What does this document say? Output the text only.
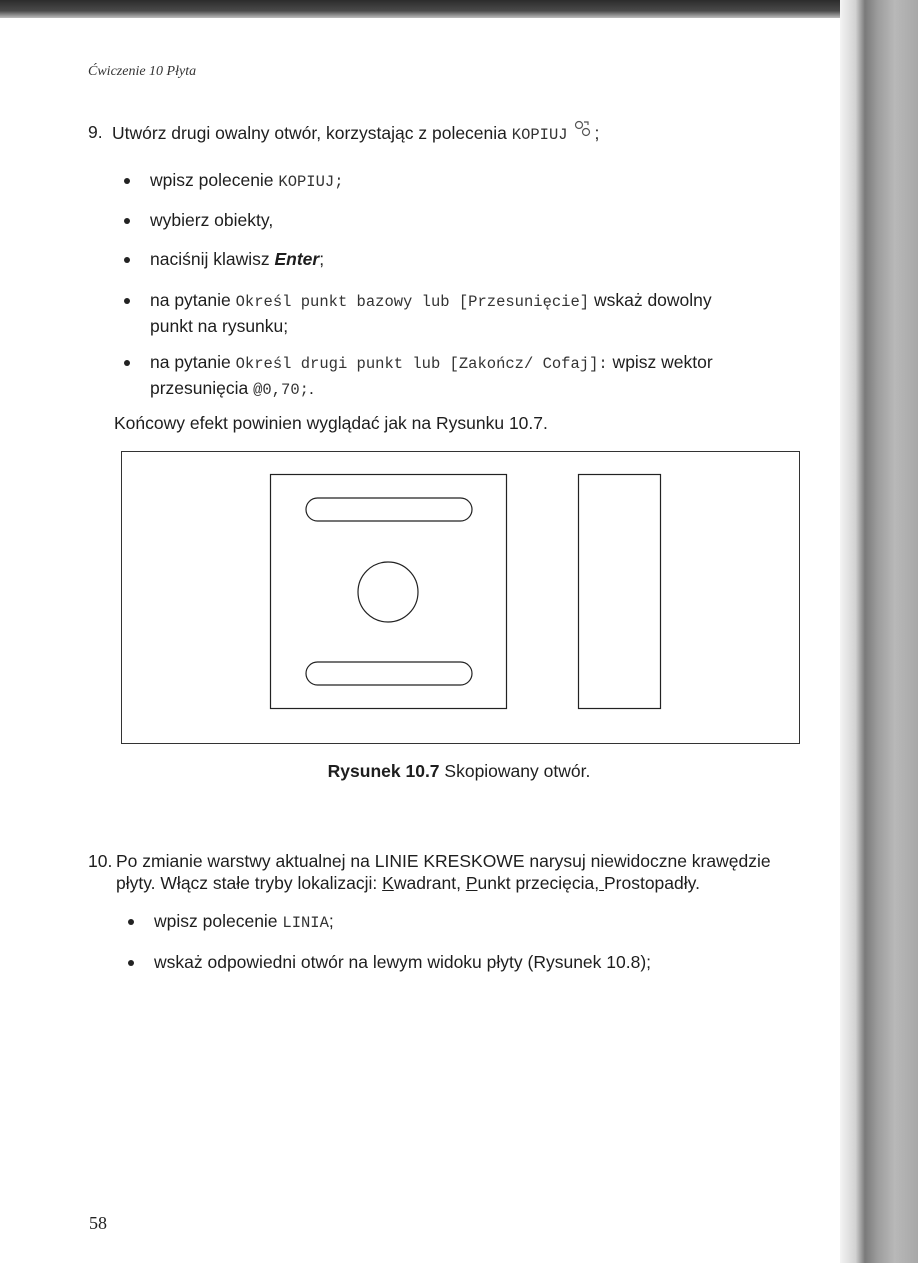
Ćwiczenie 10 Płyta
9. Utwórz drugi owalny otwór, korzystając z polecenia KOPIUJ ;
wpisz polecenie KOPIUJ;
wybierz obiekty,
naciśnij klawisz Enter;
na pytanie Określ punkt bazowy lub [Przesunięcie] wskaż dowolny
punkt na rysunku;
na pytanie Określ drugi punkt lub [Zakończ/ Cofaj]: wpisz wektor
przesunięcia @0,70;.
Końcowy efekt powinien wyglądać jak na Rysunku 10.7.
Rysunek 10.7 Skopiowany otwór.
10. Po zmianie warstwy aktualnej na LINIE KRESKOWE narysuj niewidoczne krawędzie
płyty. Włącz stałe tryby lokalizacji: Kwadrant, Punkt przecięcia, Prostopadły.
wpisz polecenie LINIA;
wskaż odpowiedni otwór na lewym widoku płyty (Rysunek 10.8);
58
